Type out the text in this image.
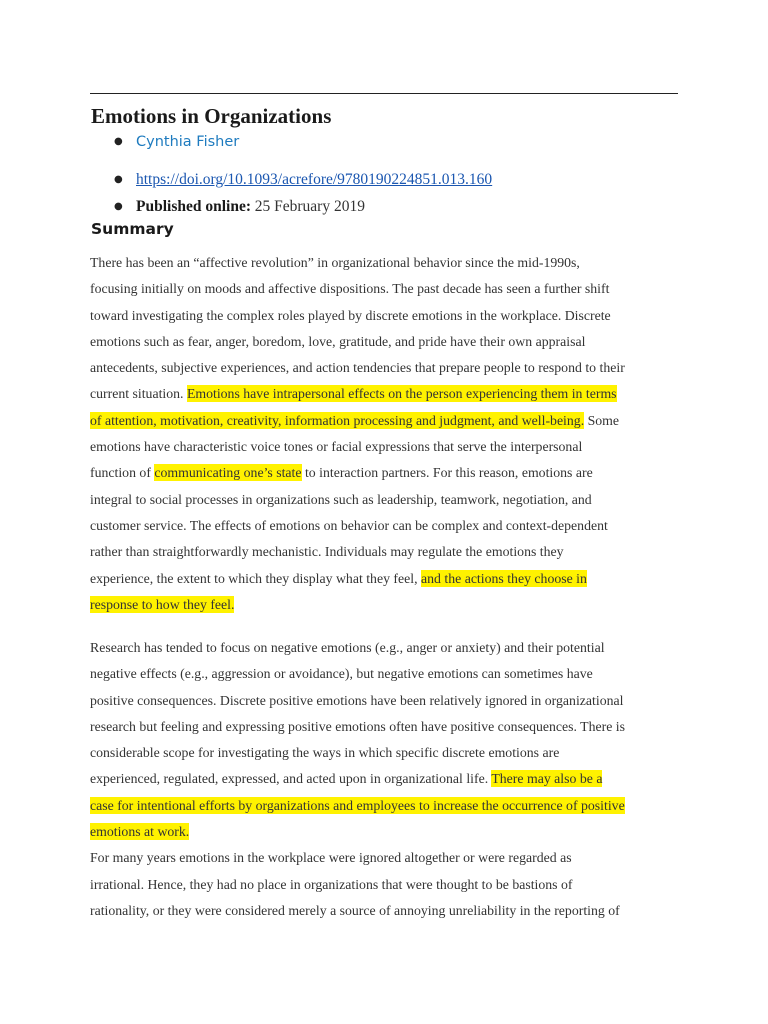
Emotions in Organizations
● Cynthia Fisher
● https://doi.org/10.1093/acrefore/9780190224851.013.160
● Published online: 25 February 2019
Summary

There has been an “affective revolution” in organizational behavior since the mid-1990s,
focusing initially on moods and affective dispositions. The past decade has seen a further shift
toward investigating the complex roles played by discrete emotions in the workplace. Discrete
emotions such as fear, anger, boredom, love, gratitude, and pride have their own appraisal
antecedents, subjective experiences, and action tendencies that prepare people to respond to their
current situation. Emotions have intrapersonal effects on the person experiencing them in terms
of attention, motivation, creativity, information processing and judgment, and well-being. Some
emotions have characteristic voice tones or facial expressions that serve the interpersonal
function of communicating one’s state to interaction partners. For this reason, emotions are
integral to social processes in organizations such as leadership, teamwork, negotiation, and
customer service. The effects of emotions on behavior can be complex and context-dependent
rather than straightforwardly mechanistic. Individuals may regulate the emotions they
experience, the extent to which they display what they feel, and the actions they choose in
response to how they feel.

Research has tended to focus on negative emotions (e.g., anger or anxiety) and their potential
negative effects (e.g., aggression or avoidance), but negative emotions can sometimes have
positive consequences. Discrete positive emotions have been relatively ignored in organizational
research but feeling and expressing positive emotions often have positive consequences. There is
considerable scope for investigating the ways in which specific discrete emotions are
experienced, regulated, expressed, and acted upon in organizational life. There may also be a
case for intentional efforts by organizations and employees to increase the occurrence of positive
emotions at work.
For many years emotions in the workplace were ignored altogether or were regarded as
irrational. Hence, they had no place in organizations that were thought to be bastions of
rationality, or they were considered merely a source of annoying unreliability in the reporting of
